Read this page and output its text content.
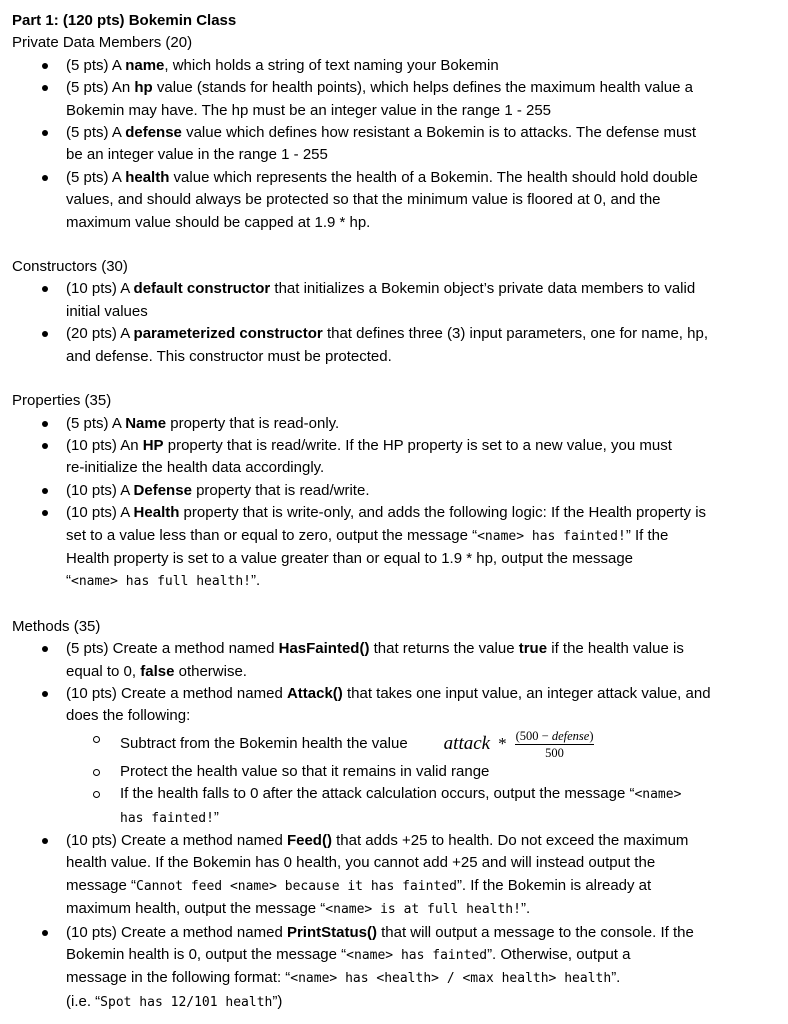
Part 1: (120 pts) Bokemin Class

Private Data Members (20)

(5 pts) A name, which holds a string of text naming your Bokemin
(5 pts) An hp value (stands for health points), which helps defines the maximum health value a
Bokemin may have. The hp must be an integer value in the range 1 - 255
(5 pts) A defense value which defines how resistant a Bokemin is to attacks. The defense must
be an integer value in the range 1 - 255
(5 pts) A health value which represents the health of a Bokemin. The health should hold double
values, and should always be protected so that the minimum value is floored at 0, and the
maximum value should be capped at 1.9 * hp.

Constructors (30)

(10 pts) A default constructor that initializes a Bokemin object’s private data members to valid
initial values
(20 pts) A parameterized constructor that defines three (3) input parameters, one for name, hp,
and defense. This constructor must be protected.

Properties (35)

(5 pts) A Name property that is read-only.
(10 pts) An HP property that is read/write. If the HP property is set to a new value, you must
re-initialize the health data accordingly.
(10 pts) A Defense property that is read/write.
(10 pts) A Health property that is write-only, and adds the following logic: If the Health property is
set to a value less than or equal to zero, output the message “<name> has fainted!” If the
Health property is set to a value greater than or equal to 1.9 * hp, output the message
“<name> has full health!”.

Methods (35)

(5 pts) Create a method named HasFainted() that returns the value true if the health value is
equal to 0, false otherwise.
(10 pts) Create a method named Attack() that takes one input value, an integer attack value, and
does the following:
Subtract from the Bokemin health the value attack * $\frac{\text{(500 − defense)}}{500}$
Protect the health value so that it remains in valid range
If the health falls to 0 after the attack calculation occurs, output the message “<name>
has fainted!”
(10 pts) Create a method named Feed() that adds +25 to health. Do not exceed the maximum
health value. If the Bokemin has 0 health, you cannot add +25 and will instead output the
message “Cannot feed <name> because it has fainted”. If the Bokemin is already at
maximum health, output the message “<name> is at full health!”.
(10 pts) Create a method named PrintStatus() that will output a message to the console. If the
Bokemin health is 0, output the message “<name> has fainted”. Otherwise, output a
message in the following format: “<name> has <health> / <max health> health”.
(i.e. “Spot has 12/101 health”)
